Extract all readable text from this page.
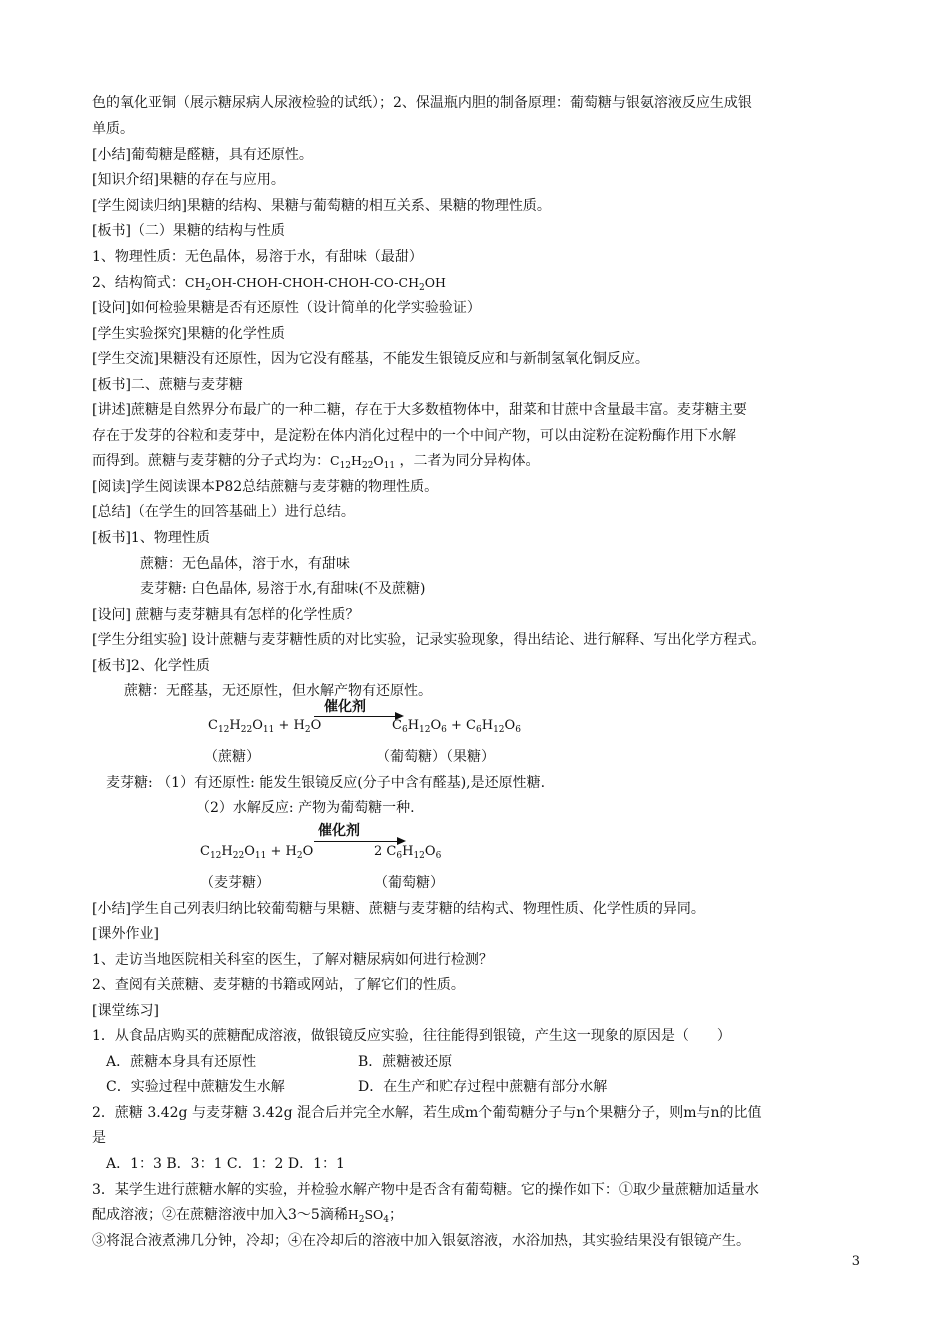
色的氧化亚铜（展示糖尿病人尿液检验的试纸）；2、保温瓶内胆的制备原理：葡萄糖与银氨溶液反应生成银
单质。
[小结]葡萄糖是醛糖，具有还原性。
[知识介绍]果糖的存在与应用。
[学生阅读归纳]果糖的结构、果糖与葡萄糖的相互关系、果糖的物理性质。
[板书]（二）果糖的结构与性质
1、物理性质：无色晶体，易溶于水，有甜味（最甜）
2、结构简式：$CH_2OH-CHOH-CHOH-CHOH-CO-CH_2OH$
[设问]如何检验果糖是否有还原性（设计简单的化学实验验证）
[学生实验探究]果糖的化学性质
[学生交流]果糖没有还原性，因为它没有醛基，不能发生银镜反应和与新制氢氧化铜反应。
[板书]二、蔗糖与麦芽糖
[讲述]蔗糖是自然界分布最广的一种二糖，存在于大多数植物体中，甜菜和甘蔗中含量最丰富。麦芽糖主要
存在于发芽的谷粒和麦芽中，是淀粉在体内消化过程中的一个中间产物，可以由淀粉在淀粉酶作用下水解
而得到。蔗糖与麦芽糖的分子式均为：$C_{12}H_{22}O_{11}$ ，二者为同分异构体。
[阅读]学生阅读课本P82总结蔗糖与麦芽糖的物理性质。
[总结]（在学生的回答基础上）进行总结。
[板书]1、物理性质
蔗糖：无色晶体，溶于水，有甜味
麦芽糖: 白色晶体, 易溶于水,有甜味(不及蔗糖)
[设问] 蔗糖与麦芽糖具有怎样的化学性质？
[学生分组实验] 设计蔗糖与麦芽糖性质的对比实验，记录实验现象，得出结论、进行解释、写出化学方程式。
[板书]2、化学性质
蔗糖：无醛基，无还原性，但水解产物有还原性。
催化剂
$C_{12}H_{22}O_{11} + H_2O$	$C_6H_{12}O_6 + C_6H_{12}O_6$
（蔗糖）	（葡萄糖）（果糖）
麦芽糖: （1）有还原性: 能发生银镜反应(分子中含有醛基),是还原性糖.
（2）水解反应: 产物为葡萄糖一种.
催化剂
$C_{12}H_{22}O_{11} + H_2O$	2 $C_6H_{12}O_6$
（麦芽糖）	（葡萄糖）
[小结]学生自己列表归纳比较葡萄糖与果糖、蔗糖与麦芽糖的结构式、物理性质、化学性质的异同。
[课外作业]
1、走访当地医院相关科室的医生，了解对糖尿病如何进行检测？
2、查阅有关蔗糖、麦芽糖的书籍或网站，了解它们的性质。
[课堂练习]
1．从食品店购买的蔗糖配成溶液，做银镜反应实验，往往能得到银镜，产生这一现象的原因是（　　）
A．蔗糖本身具有还原性	B．蔗糖被还原
C．实验过程中蔗糖发生水解	D．在生产和贮存过程中蔗糖有部分水解
2．蔗糖 3.42g 与麦芽糖 3.42g 混合后并完全水解，若生成m个葡萄糖分子与n个果糖分子，则m与n的比值
是
A．1：3 B．3：1 C．1：2 D．1：1
3．某学生进行蔗糖水解的实验，并检验水解产物中是否含有葡萄糖。它的操作如下：①取少量蔗糖加适量水
配成溶液；②在蔗糖溶液中加入3～5滴稀$H_2SO_4$；
③将混合液煮沸几分钟，冷却；④在冷却后的溶液中加入银氨溶液，水浴加热，其实验结果没有银镜产生。
3
